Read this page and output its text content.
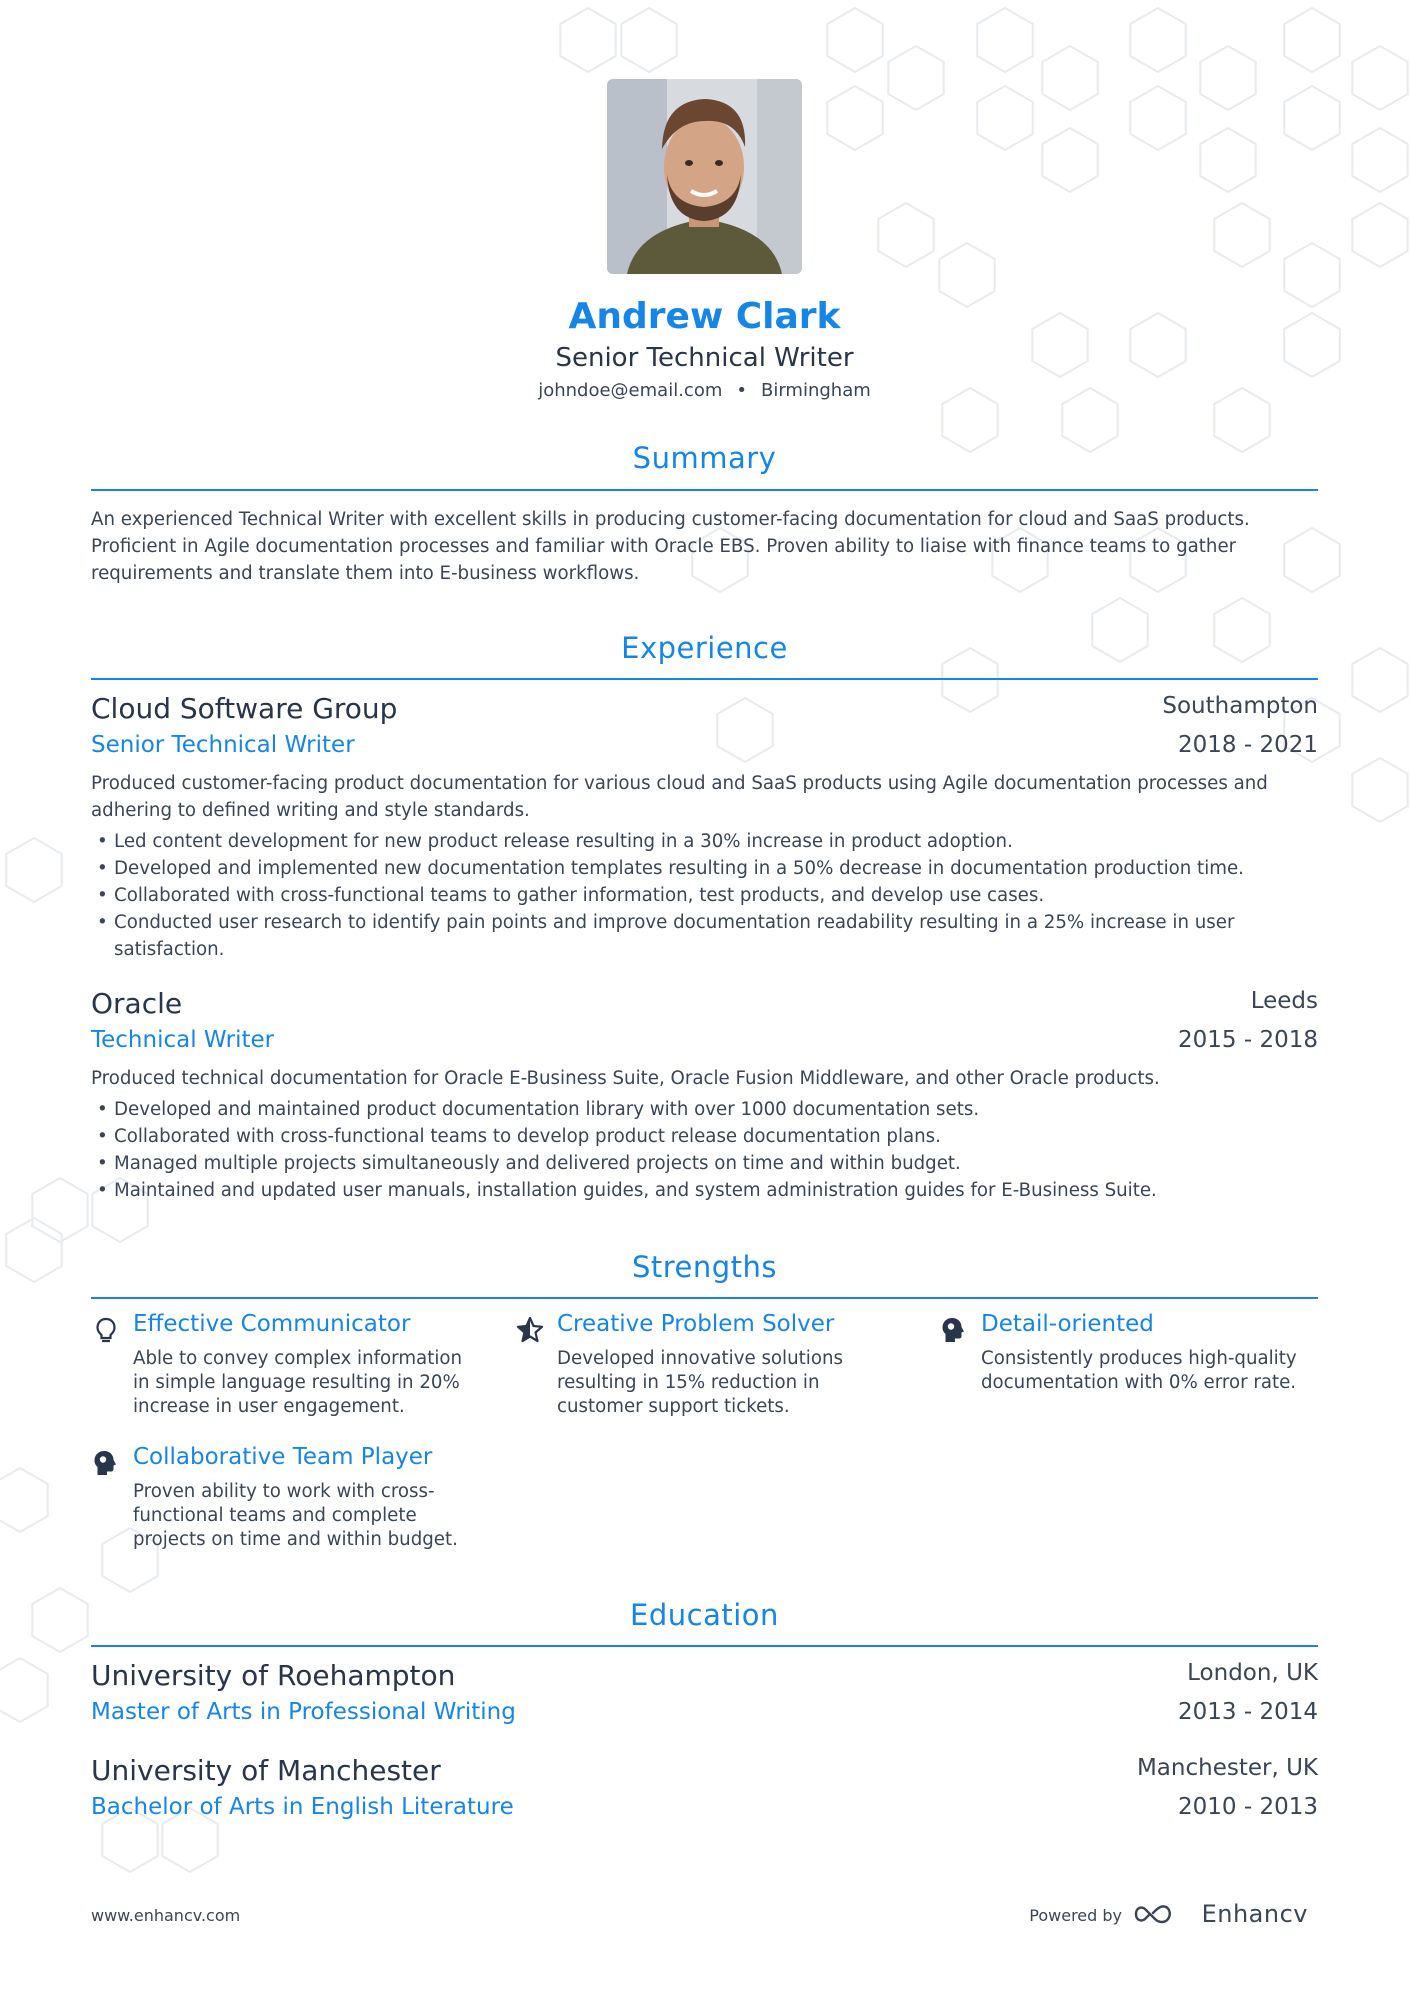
Andrew Clark
Senior Technical Writer
johndoe@email.com • Birmingham
Summary
An experienced Technical Writer with excellent skills in producing customer-facing documentation for cloud and SaaS products. Proficient in Agile documentation processes and familiar with Oracle EBS. Proven ability to liaise with finance teams to gather requirements and translate them into E-business workflows.
Experience
Cloud Software Group	Southampton
Senior Technical Writer	2018 - 2021
Produced customer-facing product documentation for various cloud and SaaS products using Agile documentation processes and adhering to defined writing and style standards.
• Led content development for new product release resulting in a 30% increase in product adoption.
• Developed and implemented new documentation templates resulting in a 50% decrease in documentation production time.
• Collaborated with cross-functional teams to gather information, test products, and develop use cases.
• Conducted user research to identify pain points and improve documentation readability resulting in a 25% increase in user satisfaction.
Oracle	Leeds
Technical Writer	2015 - 2018
Produced technical documentation for Oracle E-Business Suite, Oracle Fusion Middleware, and other Oracle products.
• Developed and maintained product documentation library with over 1000 documentation sets.
• Collaborated with cross-functional teams to develop product release documentation plans.
• Managed multiple projects simultaneously and delivered projects on time and within budget.
• Maintained and updated user manuals, installation guides, and system administration guides for E-Business Suite.
Strengths
Effective Communicator
Able to convey complex information in simple language resulting in 20% increase in user engagement.
Creative Problem Solver
Developed innovative solutions resulting in 15% reduction in customer support tickets.
Detail-oriented
Consistently produces high-quality documentation with 0% error rate.
Collaborative Team Player
Proven ability to work with cross-functional teams and complete projects on time and within budget.
Education
University of Roehampton	London, UK
Master of Arts in Professional Writing	2013 - 2014
University of Manchester	Manchester, UK
Bachelor of Arts in English Literature	2010 - 2013
www.enhancv.com	Powered by	Enhancv
